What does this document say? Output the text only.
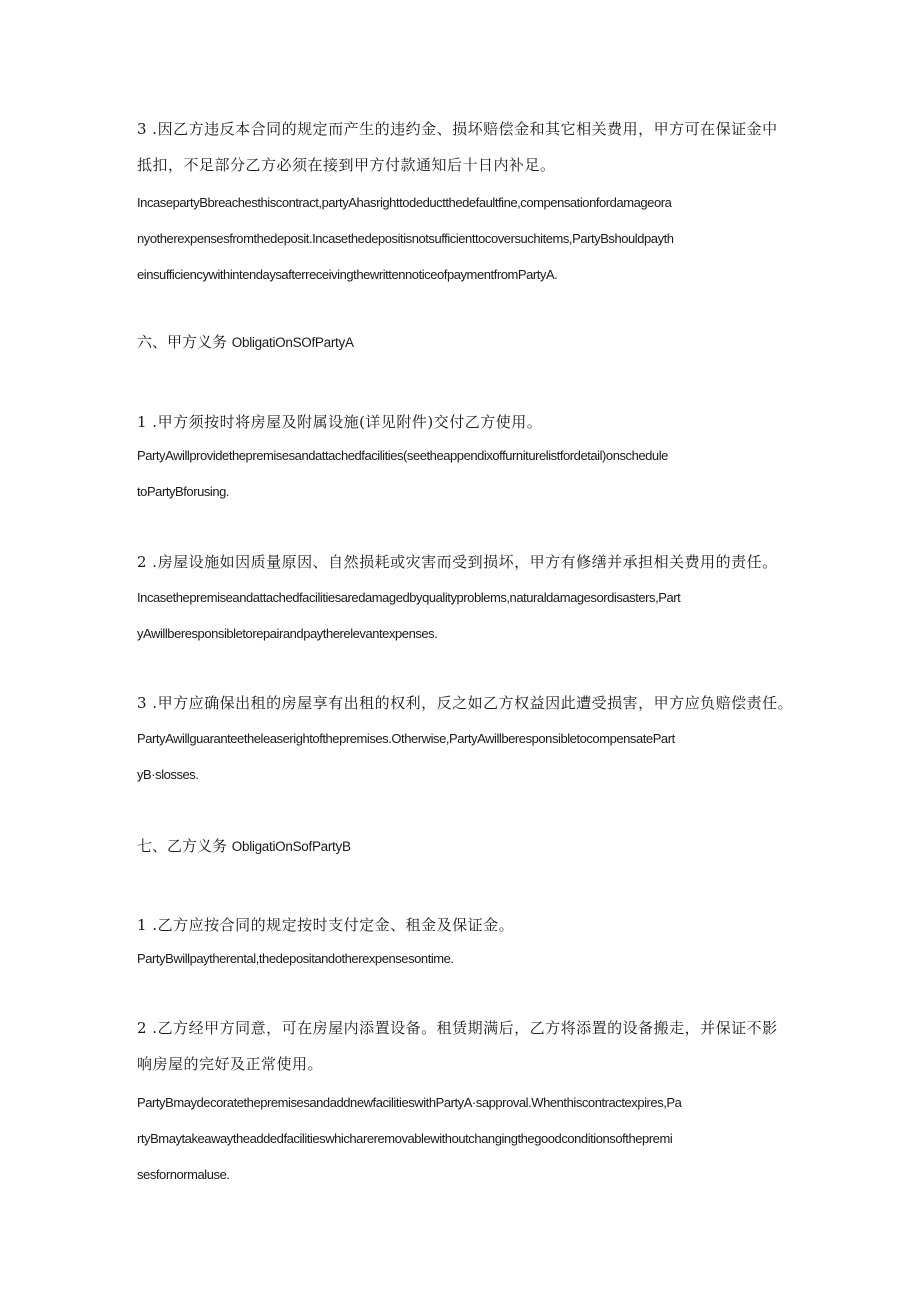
3 .因乙方违反本合同的规定而产生的违约金、损坏赔偿金和其它相关费用，甲方可在保证金中
抵扣，不足部分乙方必须在接到甲方付款通知后十日内补足。
IncasepartyBbreachesthiscontract,partyAhasrighttodeductthedefaultfine,compensationfordamageora
nyotherexpensesfromthedeposit.Incasethedepositisnotsufficienttocoversuchitems,PartyBshouldpayth
einsufficiencywithintendaysafterreceivingthewrittennoticeofpaymentfromPartyA.
六、甲方义务 ObligatiOnSOfPartyA
1 .甲方须按时将房屋及附属设施(详见附件)交付乙方使用。
PartyAwillprovidethepremisesandattachedfacilities(seetheappendixoffurniturelistfordetail)onschedule
toPartyBforusing.
2 .房屋设施如因质量原因、自然损耗或灾害而受到损坏，甲方有修缮并承担相关费用的责任。
Incasethepremiseandattachedfacilitiesaredamagedbyqualityproblems,naturaldamagesordisasters,Part
yAwillberesponsibletorepairandpaytherelevantexpenses.
3 .甲方应确保出租的房屋享有出租的权利，反之如乙方权益因此遭受损害，甲方应负赔偿责任。
PartyAwillguaranteetheleaserightofthepremises.Otherwise,PartyAwillberesponsibletocompensatePart
yB·slosses.
七、乙方义务 ObligatiOnSofPartyB
1 .乙方应按合同的规定按时支付定金、租金及保证金。
PartyBwillpaytherental,thedepositandotherexpensesontime.
2 .乙方经甲方同意，可在房屋内添置设备。租赁期满后，乙方将添置的设备搬走，并保证不影
响房屋的完好及正常使用。
PartyBmaydecoratethepremisesandaddnewfacilitieswithPartyA·sapproval.Whenthiscontractexpires,Pa
rtyBmaytakeawaytheaddedfacilitieswhichareremovablewithoutchangingthegoodconditionsofthepremi
sesfornormaluse.
